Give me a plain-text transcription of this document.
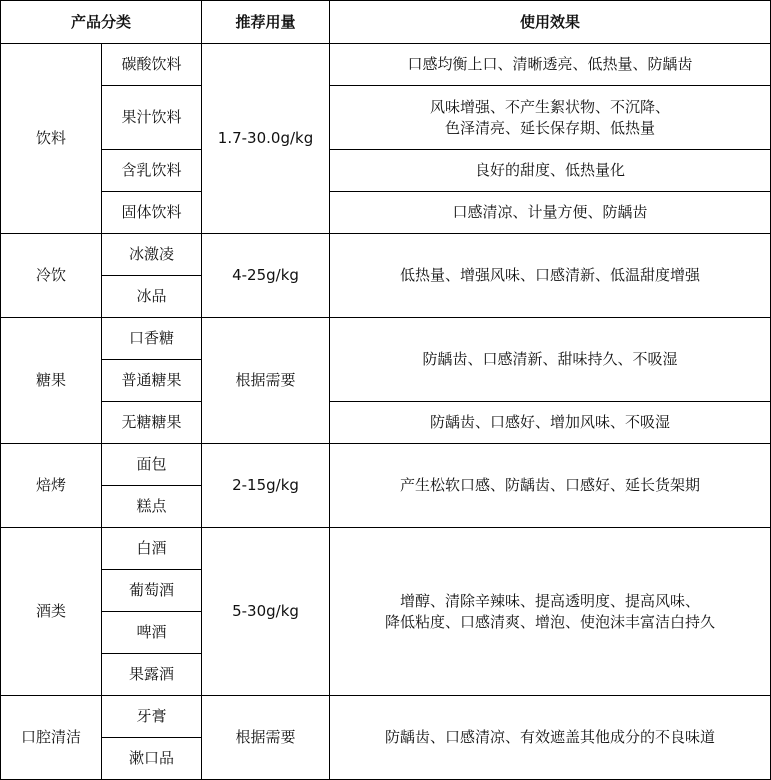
产品分类		推荐用量	使用效果
饮料	碳酸饮料	1.7-30.0g/kg	口感均衡上口、清晰透亮、低热量、防龋齿
	果汁饮料		风味增强、不产生絮状物、不沉降、
色泽清亮、延长保存期、低热量
	含乳饮料		良好的甜度、低热量化
	固体饮料		口感清凉、计量方便、防龋齿
冷饮	冰激凌	4-25g/kg	低热量、增强风味、口感清新、低温甜度增强
	冰品		
糖果	口香糖	根据需要	防龋齿、口感清新、甜味持久、不吸湿
	普通糖果		
	无糖糖果		防龋齿、口感好、增加风味、不吸湿
焙烤	面包	2-15g/kg	产生松软口感、防龋齿、口感好、延长货架期
	糕点		
酒类	白酒	5-30g/kg	增醇、清除辛辣味、提高透明度、提高风味、
降低粘度、口感清爽、增泡、使泡沫丰富洁白持久
	葡萄酒		
	啤酒		
	果露酒		
口腔清洁	牙膏	根据需要	防龋齿、口感清凉、有效遮盖其他成分的不良味道
	漱口品		
